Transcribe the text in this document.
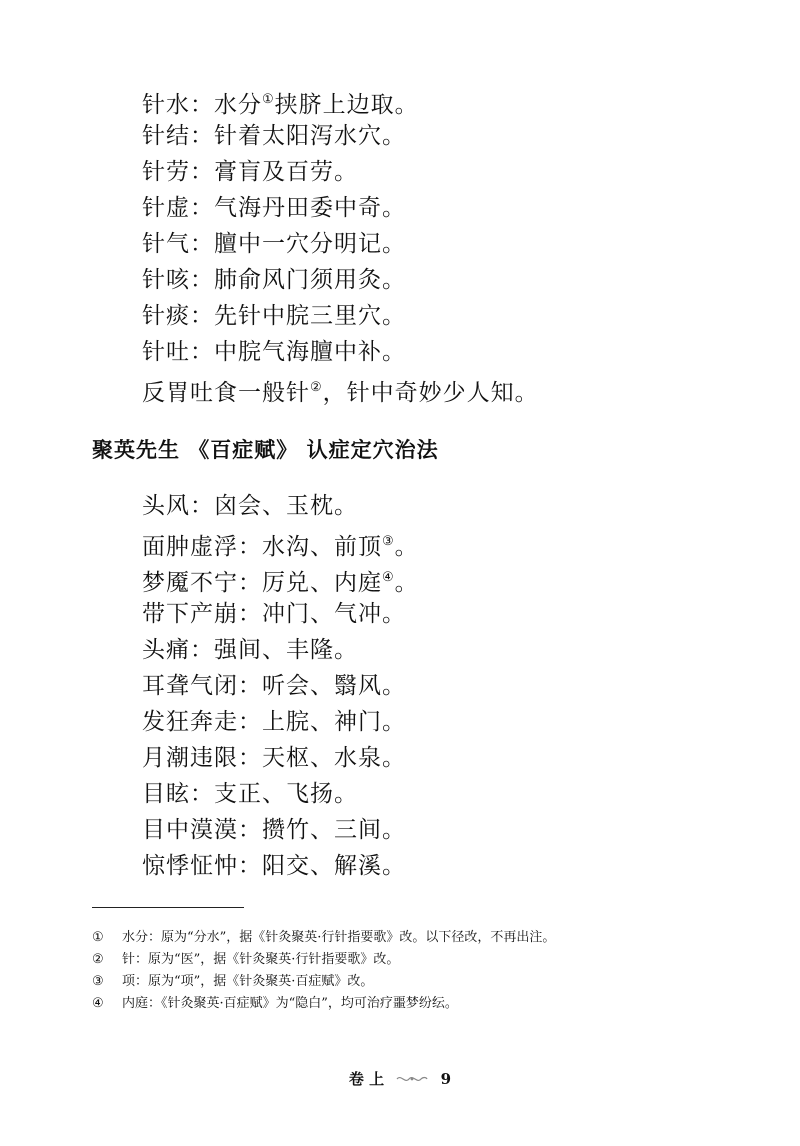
针水：水分①挟脐上边取。

针结：针着太阳泻水穴。

针劳：膏肓及百劳。

针虚：气海丹田委中奇。

针气：膻中一穴分明记。

针咳：肺俞风门须用灸。

针痰：先针中脘三里穴。

针吐：中脘气海膻中补。

反胃吐食一般针②，针中奇妙少人知。

聚英先生 《百症赋》 认症定穴治法

头风：囟会、玉枕。

面肿虚浮：水沟、前顶③。

梦魇不宁：厉兑、内庭④。

带下产崩：冲门、气冲。

头痛：强间、丰隆。

耳聋气闭：听会、翳风。

发狂奔走：上脘、神门。

月潮违限：天枢、水泉。

目眩：支正、飞扬。

目中漠漠：攒竹、三间。

惊悸怔忡：阳交、解溪。

① 水分：原为“分水”，据《针灸聚英·行针指要歌》改。以下径改，不再出注。
② 针：原为“医”，据《针灸聚英·行针指要歌》改。
③ 项：原为“项”，据《针灸聚英·百症赋》改。
④ 内庭：《针灸聚英·百症赋》为“隐白”，均可治疗噩梦纷纭。
卷 上	9
